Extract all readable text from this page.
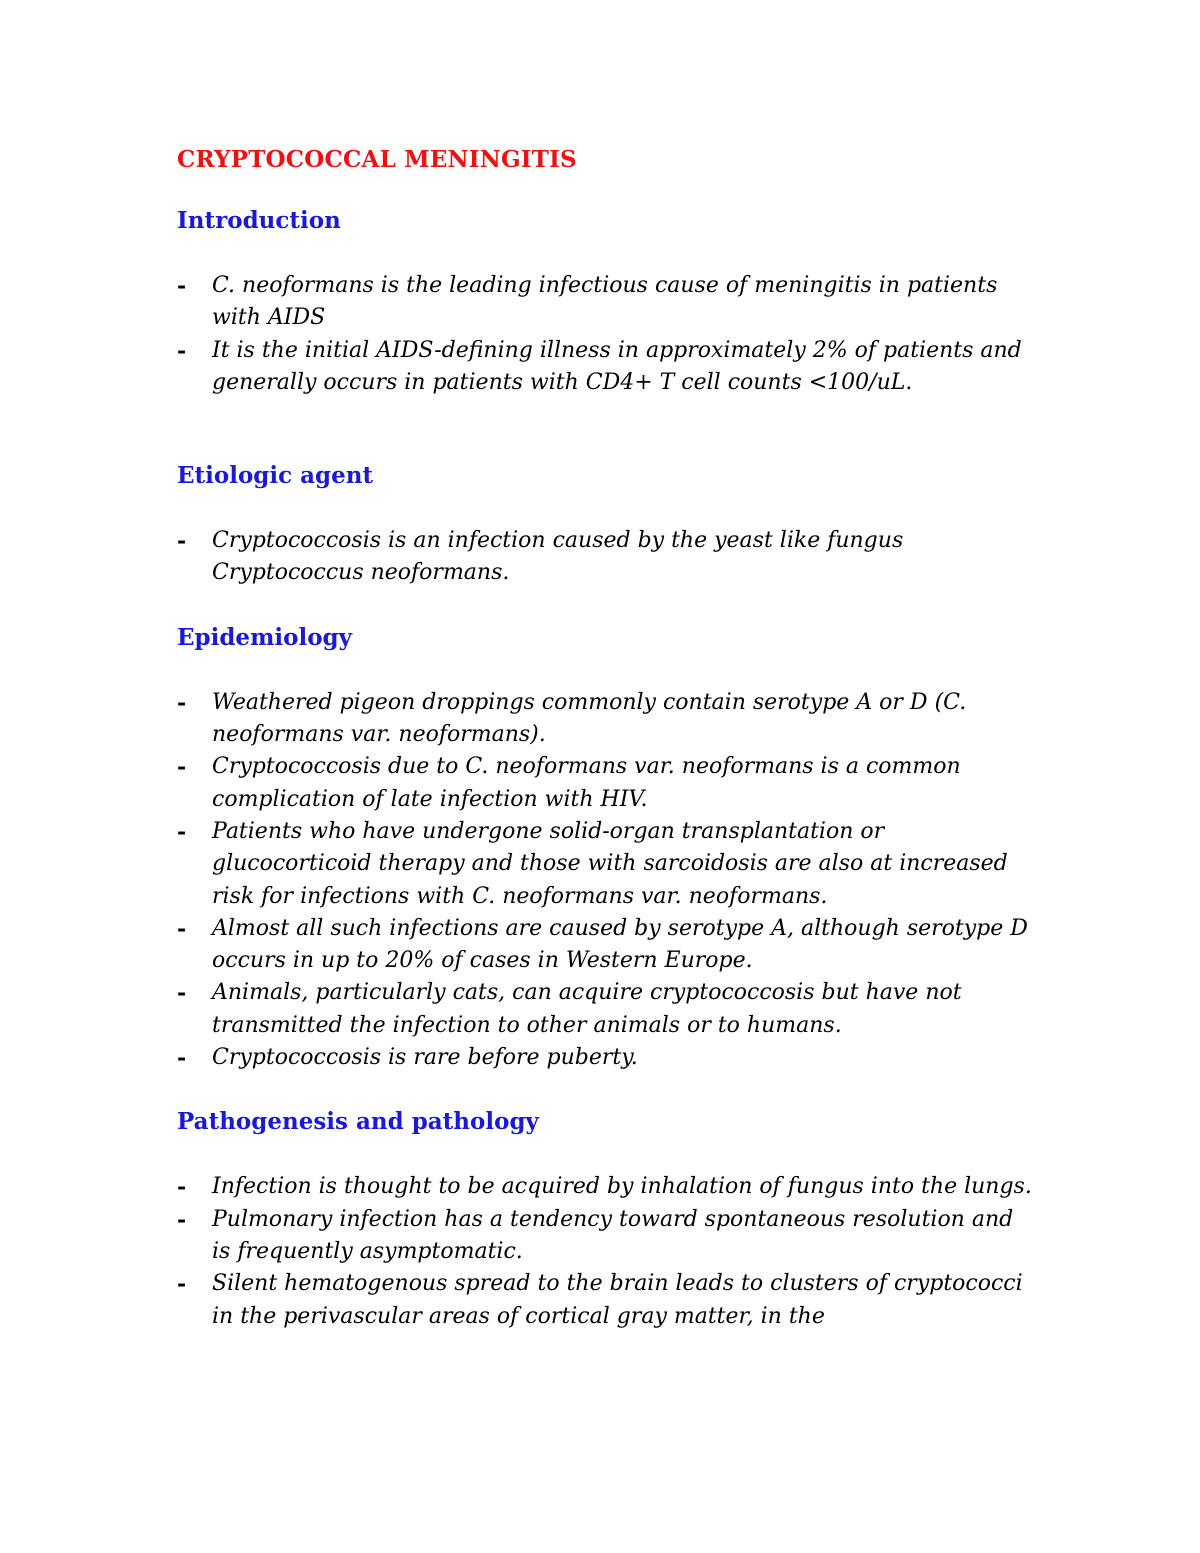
CRYPTOCOCCAL MENINGITIS
Introduction
- C. neoformans is the leading infectious cause of meningitis in patients with AIDS
- It is the initial AIDS-defining illness in approximately 2% of patients and generally occurs in patients with CD4+ T cell counts <100/uL.
Etiologic agent
- Cryptococcosis is an infection caused by the yeast like fungus Cryptococcus neoformans.
Epidemiology
- Weathered pigeon droppings commonly contain serotype A or D (C. neoformans var. neoformans).
- Cryptococcosis due to C. neoformans var. neoformans is a common complication of late infection with HIV.
- Patients who have undergone solid-organ transplantation or glucocorticoid therapy and those with sarcoidosis are also at increased risk for infections with C. neoformans var. neoformans.
- Almost all such infections are caused by serotype A, although serotype D occurs in up to 20% of cases in Western Europe.
- Animals, particularly cats, can acquire cryptococcosis but have not transmitted the infection to other animals or to humans.
- Cryptococcosis is rare before puberty.
Pathogenesis and pathology
- Infection is thought to be acquired by inhalation of fungus into the lungs.
- Pulmonary infection has a tendency toward spontaneous resolution and is frequently asymptomatic.
- Silent hematogenous spread to the brain leads to clusters of cryptococci in the perivascular areas of cortical gray matter, in the
